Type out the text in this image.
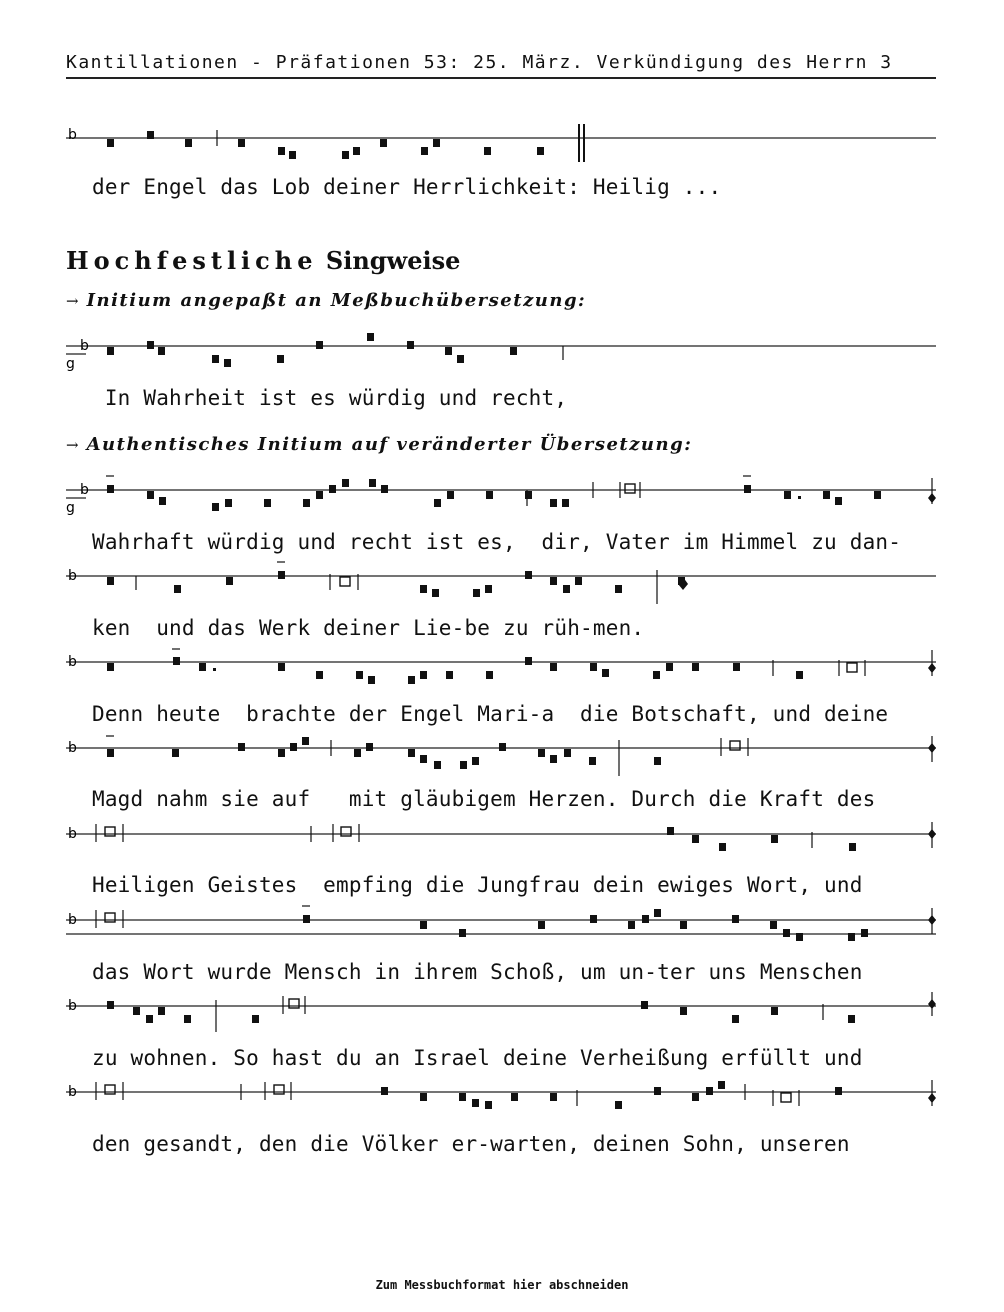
Kantillationen - Präfationen 53: 25. März. Verkündigung des Herrn 3
b
der Engel das Lob deiner Herrlichkeit: Heilig ...
Hochfestliche Singweise
→ Initium angepaßt an Meßbuchübersetzung:
b
g
In Wahrheit ist es würdig und recht,
→ Authentisches Initium auf veränderter Übersetzung:
b
g
Wahrhaft würdig und recht ist es,  dir, Vater im Himmel zu dan-
b
ken  und das Werk deiner Lie-be zu rüh-men.
b
Denn heute  brachte der Engel Mari-a  die Botschaft, und deine
b
Magd nahm sie auf   mit gläubigem Herzen. Durch die Kraft des
b
Heiligen Geistes  empfing die Jungfrau dein ewiges Wort, und
b
das Wort wurde Mensch in ihrem Schoß, um un-ter uns Menschen
b
zu wohnen. So hast du an Israel deine Verheißung erfüllt und
b
den gesandt, den die Völker er-warten, deinen Sohn, unseren
Zum Messbuchformat hier abschneiden
